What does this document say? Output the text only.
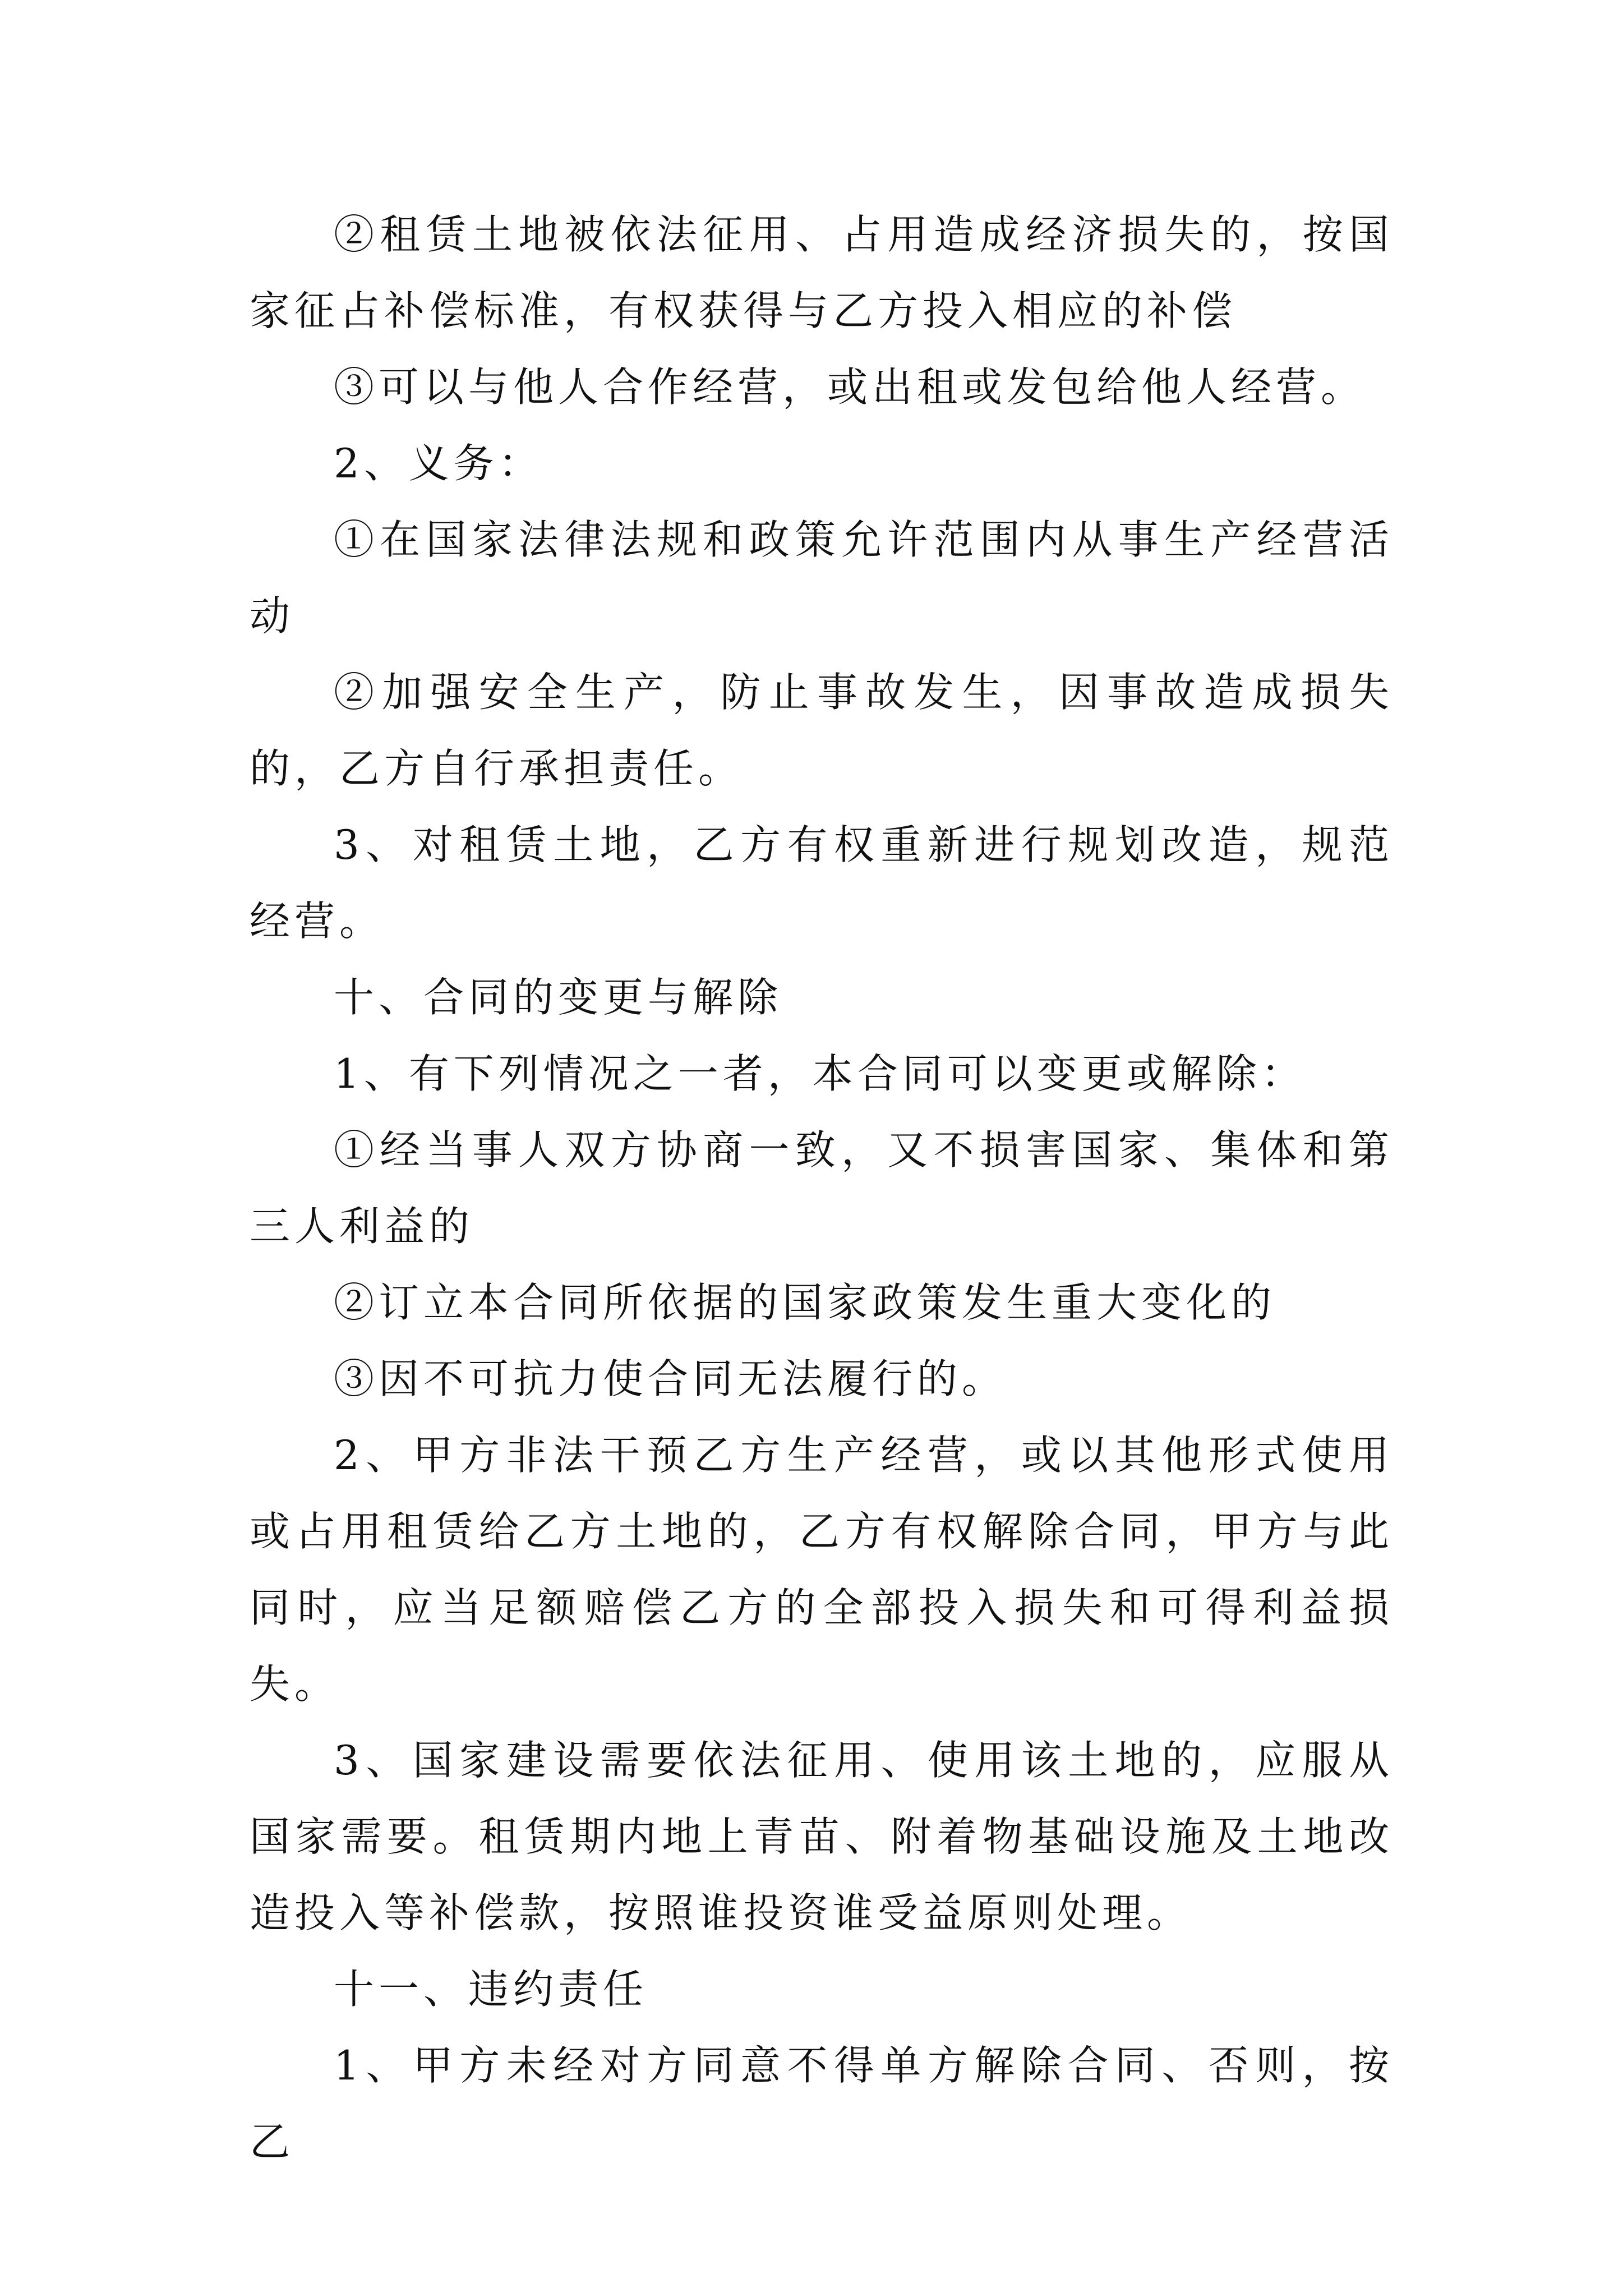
②租赁土地被依法征用、占用造成经济损失的，按国家征占补偿标准，有权获得与乙方投入相应的补偿

③可以与他人合作经营，或出租或发包给他人经营。

2、义务：

①在国家法律法规和政策允许范围内从事生产经营活动

②加强安全生产，防止事故发生，因事故造成损失的，乙方自行承担责任。

3、对租赁土地，乙方有权重新进行规划改造，规范经营。

十、合同的变更与解除

1、有下列情况之一者，本合同可以变更或解除：

①经当事人双方协商一致，又不损害国家、集体和第三人利益的

②订立本合同所依据的国家政策发生重大变化的

③因不可抗力使合同无法履行的。

2、甲方非法干预乙方生产经营，或以其他形式使用或占用租赁给乙方土地的，乙方有权解除合同，甲方与此同时，应当足额赔偿乙方的全部投入损失和可得利益损失。

3、国家建设需要依法征用、使用该土地的，应服从国家需要。租赁期内地上青苗、附着物基础设施及土地改造投入等补偿款，按照谁投资谁受益原则处理。

十一、违约责任

1、甲方未经对方同意不得单方解除合同、否则，按乙
